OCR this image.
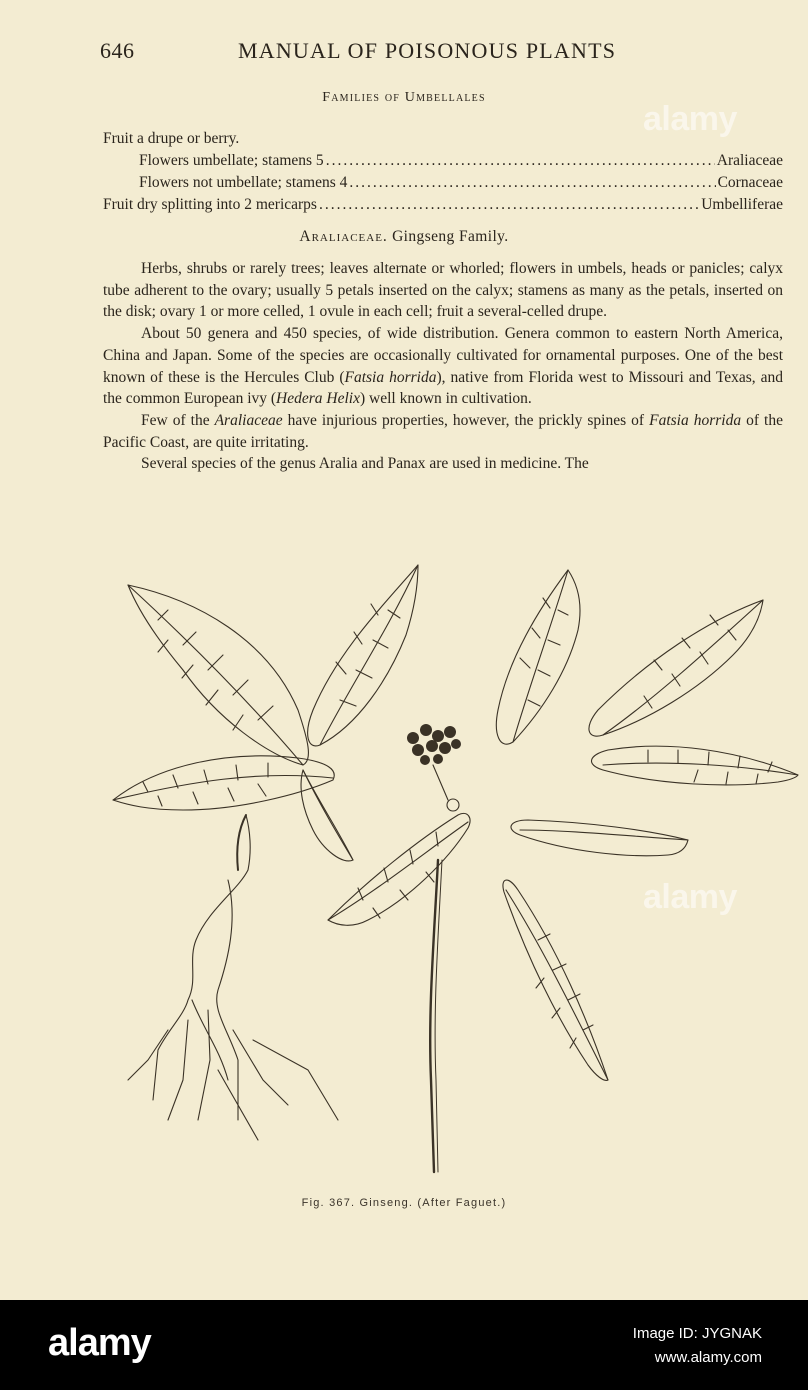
646	MANUAL OF POISONOUS PLANTS
Families of Umbellales
Fruit a drupe or berry.
Flowers umbellate; stamens 5 .....	Araliaceae
Flowers not umbellate; stamens 4 .....	Cornaceae
Fruit dry splitting into 2 mericarps .....	Umbelliferae
Araliaceae. Gingseng Family.

Herbs, shrubs or rarely trees; leaves alternate or whorled; flowers in umbels, heads or panicles; calyx tube adherent to the ovary; usually 5 petals inserted on the calyx; stamens as many as the petals, inserted on the disk; ovary 1 or more celled, 1 ovule in each cell; fruit a several-celled drupe.

About 50 genera and 450 species, of wide distribution. Genera common to eastern North America, China and Japan. Some of the species are occasionally cultivated for ornamental purposes. One of the best known of these is the Hercules Club (Fatsia horrida), native from Florida west to Missouri and Texas, and the common European ivy (Hedera Helix) well known in cultivation.

Few of the Araliaceae have injurious properties, however, the prickly spines of Fatsia horrida of the Pacific Coast, are quite irritating.

Several species of the genus Aralia and Panax are used in medicine. The

Fig. 367. Ginseng. (After Faguet.)
alamy
alamy
alamy	Image ID: JYGNAK
www.alamy.com
